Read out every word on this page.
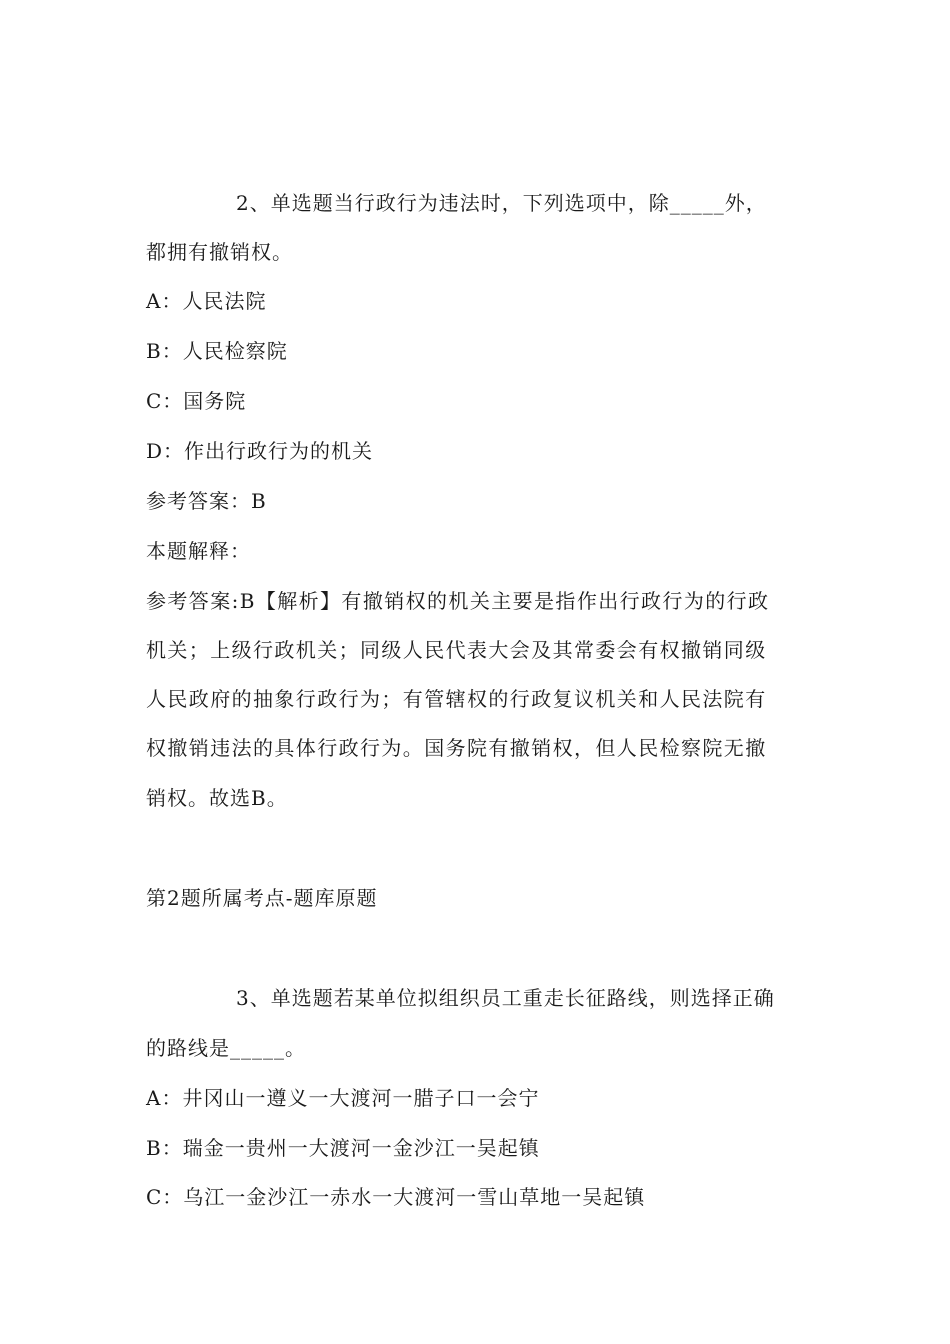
2、单选题当行政行为违法时，下列选项中，除_____外，
都拥有撤销权。
A：人民法院
B：人民检察院
C：国务院
D：作出行政行为的机关
参考答案：B
本题解释：
参考答案:B【解析】有撤销权的机关主要是指作出行政行为的行政
机关；上级行政机关；同级人民代表大会及其常委会有权撤销同级
人民政府的抽象行政行为；有管辖权的行政复议机关和人民法院有
权撤销违法的具体行政行为。国务院有撤销权，但人民检察院无撤
销权。故选B。
第2题所属考点-题库原题
3、单选题若某单位拟组织员工重走长征路线，则选择正确
的路线是_____。
A：井冈山一遵义一大渡河一腊子口一会宁
B：瑞金一贵州一大渡河一金沙江一吴起镇
C：乌江一金沙江一赤水一大渡河一雪山草地一吴起镇
